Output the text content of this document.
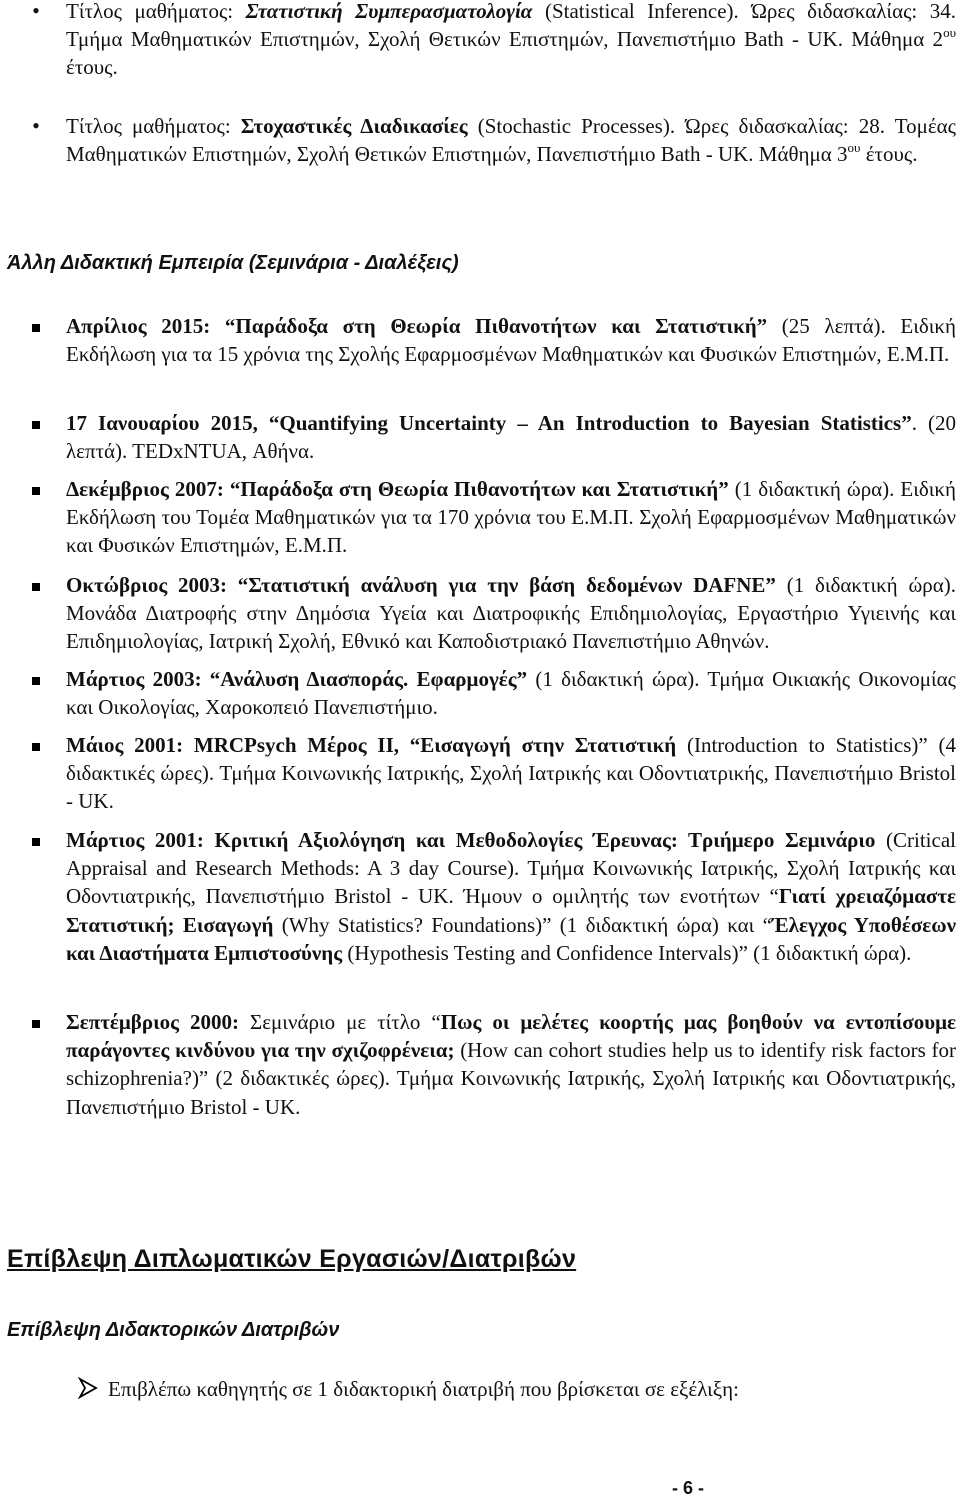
• Τίτλος μαθήματος: Στατιστική Συμπερασματολογία (Statistical Inference). Ώρες διδασκαλίας: 34. Τμήμα Μαθηματικών Επιστημών, Σχολή Θετικών Επιστημών, Πανεπιστήμιο Bath - UK. Μάθημα $2^{o\upsilon}$ έτους.

• Τίτλος μαθήματος: Στοχαστικές Διαδικασίες (Stochastic Processes). Ώρες διδασκαλίας: 28. Τομέας Μαθηματικών Επιστημών, Σχολή Θετικών Επιστημών, Πανεπιστήμιο Bath - UK. Μάθημα $3^{o\upsilon}$ έτους.

Άλλη Διδακτική Εμπειρία (Σεμινάρια - Διαλέξεις)

Απρίλιος 2015: “Παράδοξα στη Θεωρία Πιθανοτήτων και Στατιστική” (25 λεπτά). Ειδική Εκδήλωση για τα 15 χρόνια της Σχολής Εφαρμοσμένων Μαθηματικών και Φυσικών Επιστημών, Ε.Μ.Π.

17 Ιανουαρίου 2015, “Quantifying Uncertainty – An Introduction to Bayesian Statistics”. (20 λεπτά). TEDxNTUA, Αθήνα.

Δεκέμβριος 2007: “Παράδοξα στη Θεωρία Πιθανοτήτων και Στατιστική” (1 διδακτική ώρα). Ειδική Εκδήλωση του Τομέα Μαθηματικών για τα 170 χρόνια του Ε.Μ.Π. Σχολή Εφαρμοσμένων Μαθηματικών και Φυσικών Επιστημών, Ε.Μ.Π.

Οκτώβριος 2003: “Στατιστική ανάλυση για την βάση δεδομένων DAFNE” (1 διδακτική ώρα). Μονάδα Διατροφής στην Δημόσια Υγεία και Διατροφικής Επιδημιολογίας, Εργαστήριο Υγιεινής και Επιδημιολογίας, Ιατρική Σχολή, Εθνικό και Καποδιστριακό Πανεπιστήμιο Αθηνών.

Μάρτιος 2003: “Ανάλυση Διασποράς. Εφαρμογές” (1 διδακτική ώρα). Τμήμα Οικιακής Οικονομίας και Οικολογίας, Χαροκοπειό Πανεπιστήμιο.

Μάιος 2001: MRCPsych Μέρος ΙΙ, “Εισαγωγή στην Στατιστική (Introduction to Statistics)” (4 διδακτικές ώρες). Τμήμα Κοινωνικής Ιατρικής, Σχολή Ιατρικής και Οδοντιατρικής, Πανεπιστήμιο Bristol - UK.

Μάρτιος 2001: Κριτική Αξιολόγηση και Μεθοδολογίες Έρευνας: Τριήμερο Σεμινάριο (Critical Appraisal and Research Methods: A 3 day Course). Τμήμα Κοινωνικής Ιατρικής, Σχολή Ιατρικής και Οδοντιατρικής, Πανεπιστήμιο Bristol - UK. Ήμουν ο ομιλητής των ενοτήτων “Γιατί χρειαζόμαστε Στατιστική; Εισαγωγή (Why Statistics? Foundations)” (1 διδακτική ώρα) και “Έλεγχος Υποθέσεων και Διαστήματα Εμπιστοσύνης (Hypothesis Testing and Confidence Intervals)” (1 διδακτική ώρα).

Σεπτέμβριος 2000: Σεμινάριο με τίτλο “Πως οι μελέτες κοορτής μας βοηθούν να εντοπίσουμε παράγοντες κινδύνου για την σχιζοφρένεια; (How can cohort studies help us to identify risk factors for schizophrenia?)” (2 διδακτικές ώρες). Τμήμα Κοινωνικής Ιατρικής, Σχολή Ιατρικής και Οδοντιατρικής, Πανεπιστήμιο Bristol - UK.

Επίβλεψη Διπλωματικών Εργασιών/Διατριβών
Επίβλεψη Διδακτορικών Διατριβών

Επιβλέπω καθηγητής σε 1 διδακτορική διατριβή που βρίσκεται σε εξέλιξη:

- 6 -
